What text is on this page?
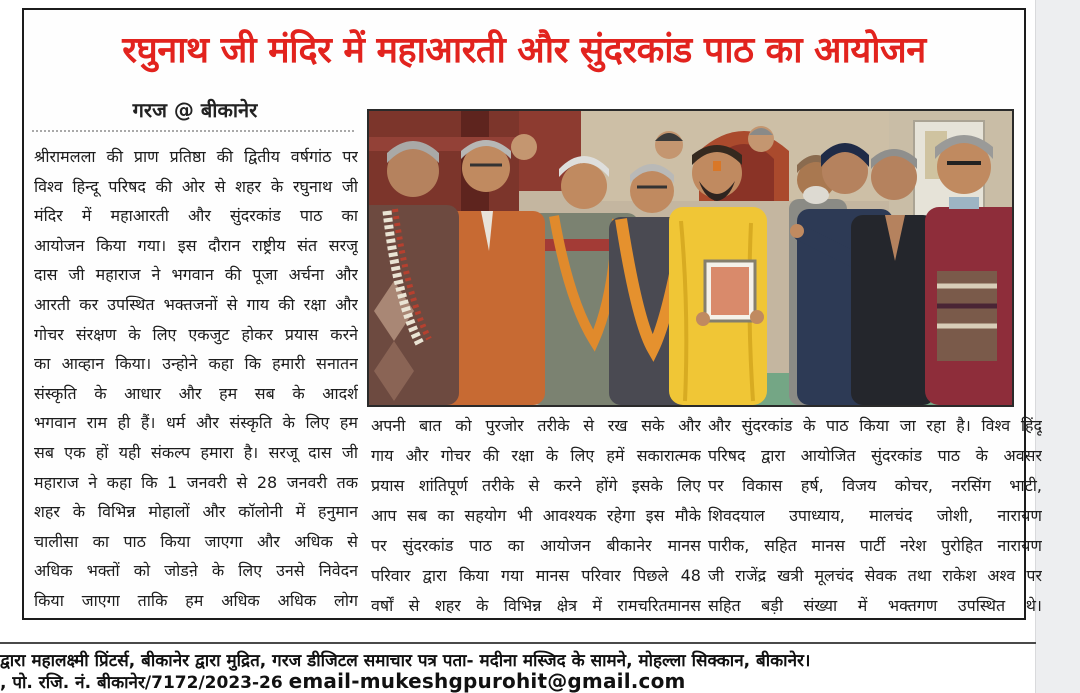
रघुनाथ जी मंदिर में महाआरती और सुंदरकांड पाठ का आयोजन
गरज @ बीकानेर
श्रीरामलला की प्राण प्रतिष्ठा की द्वितीय वर्षगांठ पर
विश्व हिन्दू परिषद की ओर से शहर के रघुनाथ जी
मंदिर में महाआरती और सुंदरकांड पाठ का
आयोजन किया गया। इस दौरान राष्ट्रीय संत सरजू
दास जी महाराज ने भगवान की पूजा अर्चना और
आरती कर उपस्थित भक्तजनों से गाय की रक्षा और
गोचर संरक्षण के लिए एकजुट होकर प्रयास करने
का आव्हान किया। उन्होने कहा कि हमारी सनातन
संस्कृति के आधार और हम सब के आदर्श
भगवान राम ही हैं। धर्म और संस्कृति के लिए हम
सब एक हों यही संकल्प हमारा है। सरजू दास जी
महाराज ने कहा कि 1 जनवरी से 28 जनवरी तक
शहर के विभिन्न मोहालों और कॉलोनी में हनुमान
चालीसा का पाठ किया जाएगा और अधिक से
अधिक भक्तों को जोडऩे के लिए उनसे निवेदन
किया जाएगा ताकि हम अधिक अधिक लोग
अपनी बात को पुरजोर तरीके से रख सके और
गाय और गोचर की रक्षा के लिए हमें सकारात्मक
प्रयास शांतिपूर्ण तरीके से करने होंगे इसके लिए
आप सब का सहयोग भी आवश्यक रहेगा इस मौके
पर सुंदरकांड पाठ का आयोजन बीकानेर मानस
परिवार द्वारा किया गया मानस परिवार पिछले 48
वर्षों से शहर के विभिन्न क्षेत्र में रामचरितमानस
और सुंदरकांड के पाठ किया जा रहा है। विश्व हिंदू
परिषद द्वारा आयोजित सुंदरकांड पाठ के अवसर
पर विकास हर्ष, विजय कोचर, नरसिंग भाटी,
शिवदयाल उपाध्याय, मालचंद जोशी, नारायण
पारीक, सहित मानस पार्टी नरेश पुरोहित नारायण
जी राजेंद्र खत्री मूलचंद सेवक तथा राकेश अश्व पर
सहित बड़ी संख्या में भक्तगण उपस्थित थे।
द्वारा महालक्ष्मी प्रिंटर्स, बीकानेर द्वारा मुद्रित, गरज डीजिटल समाचार पत्र पता- मदीना मस्जिद के सामने, मोहल्ला सिक्कान, बीकानेर।
, पो. रजि. नं. बीकानेर/7172/2023-26 email-mukeshgpurohit@gmail.com
